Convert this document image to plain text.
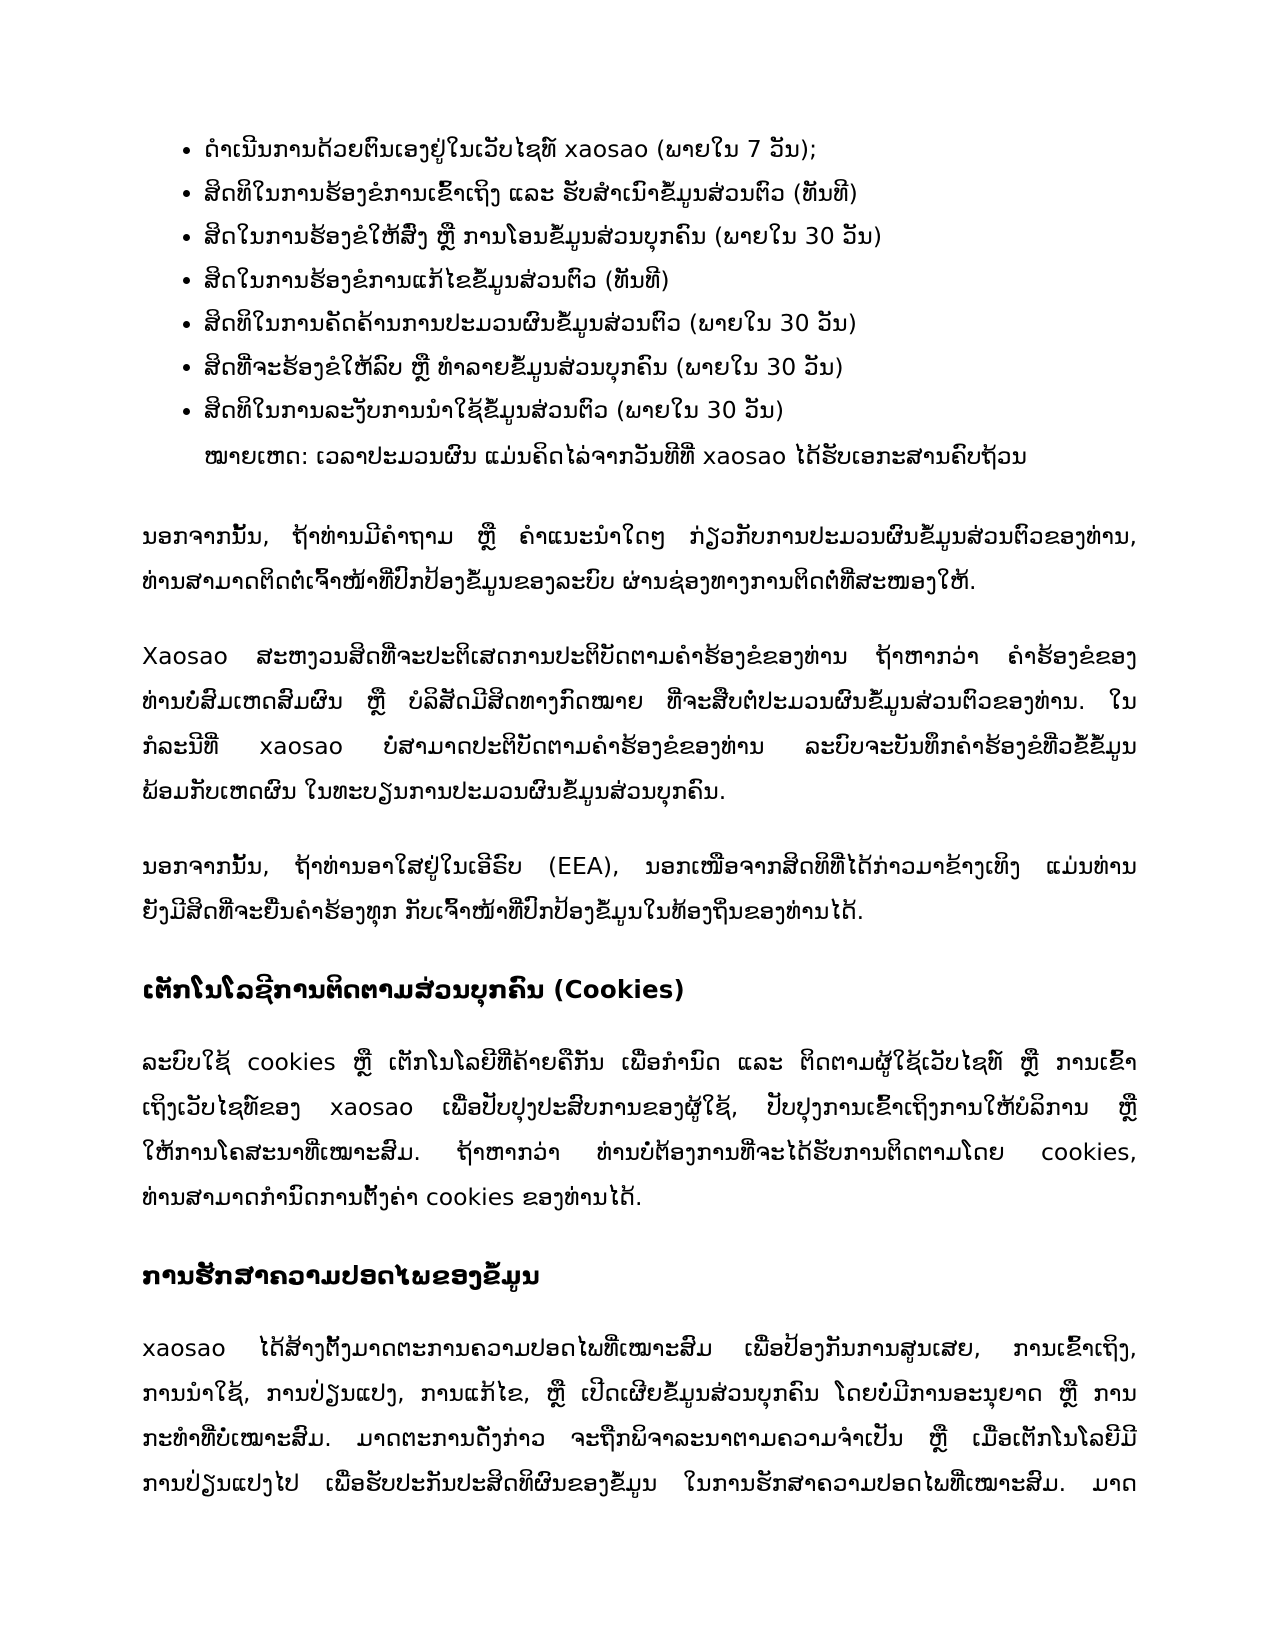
ດຳເນີນການດ້ວຍຕົນເອງຢູ່ໃນເວັບໄຊທ໌ xaosao (ພາຍໃນ 7 ວັນ);
ສິດທິໃນການຮ້ອງຂໍການເຂົ້າເຖິງ ແລະ ຮັບສຳເນົາຂໍ້ມູນສ່ວນຕົວ (ທັນທີ)
ສິດໃນການຮ້ອງຂໍໃຫ້ສົ່ງ ຫຼື ການໂອນຂໍ້ມູນສ່ວນບຸກຄົນ (ພາຍໃນ 30 ວັນ)
ສິດໃນການຮ້ອງຂໍການແກ້ໄຂຂໍ້ມູນສ່ວນຕົວ (ທັນທີ)
ສິດທິໃນການຄັດຄ້ານການປະມວນຜົນຂໍ້ມູນສ່ວນຕົວ (ພາຍໃນ 30 ວັນ)
ສິດທີ່ຈະຮ້ອງຂໍໃຫ້ລົບ ຫຼື ທຳລາຍຂໍ້ມູນສ່ວນບຸກຄົນ (ພາຍໃນ 30 ວັນ)
ສິດທິໃນການລະງັບການນຳໃຊ້ຂໍ້ມູນສ່ວນຕົວ (ພາຍໃນ 30 ວັນ)
ໝາຍເຫດ: ເວລາປະມວນຜົນ ແມ່ນຄິດໄລ່ຈາກວັນທີທີ່ xaosao ໄດ້ຮັບເອກະສານຄົບຖ້ວນ

ນອກຈາກນັ້ນ, ຖ້າທ່ານມີຄຳຖາມ ຫຼື ຄຳແນະນຳໃດໆ ກ່ຽວກັບການປະມວນຜົນຂໍ້ມູນສ່ວນຕົວຂອງທ່ານ,
ທ່ານສາມາດຕິດຕໍ່ເຈົ້າໜ້າທີ່ປົກປ້ອງຂໍ້ມູນຂອງລະບົບ ຜ່ານຊ່ອງທາງການຕິດຕໍ່ທີ່ສະໜອງໃຫ້.

Xaosao ສະຫງວນສິດທີ່ຈະປະຕິເສດການປະຕິບັດຕາມຄຳຮ້ອງຂໍຂອງທ່ານ ຖ້າຫາກວ່າ ຄຳຮ້ອງຂໍຂອງ
ທ່ານບໍ່ສົມເຫດສົມຜົນ ຫຼື ບໍລິສັດມີສິດທາງກົດໝາຍ ທີ່ຈະສືບຕໍ່ປະມວນຜົນຂໍ້ມູນສ່ວນຕົວຂອງທ່ານ. ໃນ
ກໍລະນີທີ່ xaosao ບໍ່ສາມາດປະຕິບັດຕາມຄຳຮ້ອງຂໍຂອງທ່ານ ລະບົບຈະບັນທຶກຄຳຮ້ອງຂໍທີ່ວຂໍ້ຂໍ້ມູນ
ພ້ອມກັບເຫດຜົນ ໃນທະບຽນການປະມວນຜົນຂໍ້ມູນສ່ວນບຸກຄົນ.

ນອກຈາກນັ້ນ, ຖ້າທ່ານອາໃສຢູ່ໃນເອີຣົບ (EEA), ນອກເໜືອຈາກສິດທິທີ່ໄດ້ກ່າວມາຂ້າງເທິງ ແມ່ນທ່ານ
ຍັງມີສິດທີ່ຈະຍື່ນຄຳຮ້ອງທຸກ ກັບເຈົ້າໜ້າທີ່ປົກປ້ອງຂໍ້ມູນໃນທ້ອງຖິ່ນຂອງທ່ານໄດ້.

ເຕັກໂນໂລຊີການຕິດຕາມສ່ວນບຸກຄົນ (Cookies)

ລະບົບໃຊ້ cookies ຫຼື ເຕັກໂນໂລຍີທີ່ຄ້າຍຄືກັນ ເພື່ອກຳນົດ ແລະ ຕິດຕາມຜູ້ໃຊ້ເວັບໄຊທ໌ ຫຼື ການເຂົ້າ
ເຖິງເວັບໄຊທ໌ຂອງ xaosao ເພື່ອປັບປຸງປະສົບການຂອງຜູ້ໃຊ້, ປັບປຸງການເຂົ້າເຖິງການໃຫ້ບໍລິການ ຫຼື
ໃຫ້ການໂຄສະນາທີ່ເໝາະສົມ. ຖ້າຫາກວ່າ ທ່ານບໍ່ຕ້ອງການທີ່ຈະໄດ້ຮັບການຕິດຕາມໂດຍ cookies,
ທ່ານສາມາດກຳນົດການຕັ້ງຄ່າ cookies ຂອງທ່ານໄດ້.

ການຮັກສາຄວາມປອດໄພຂອງຂໍ້ມູນ

xaosao ໄດ້ສ້າງຕັ້ງມາດຕະການຄວາມປອດໄພທີ່ເໝາະສົມ ເພື່ອປ້ອງກັນການສູນເສຍ, ການເຂົ້າເຖິງ,
ການນຳໃຊ້, ການປ່ຽນແປງ, ການແກ້ໄຂ, ຫຼື ເປີດເຜີຍຂໍ້ມູນສ່ວນບຸກຄົນ ໂດຍບໍ່ມີການອະນຸຍາດ ຫຼື ການ
ກະທຳທີ່ບໍ່ເໝາະສົມ. ມາດຕະການດັ່ງກ່າວ ຈະຖືກພິຈາລະນາຕາມຄວາມຈຳເປັນ ຫຼື ເມື່ອເຕັກໂນໂລຍີມີ
ການປ່ຽນແປງໄປ ເພື່ອຮັບປະກັນປະສິດທິຜົນຂອງຂໍ້ມູນ ໃນການຮັກສາຄວາມປອດໄພທີ່ເໝາະສົມ. ມາດ
